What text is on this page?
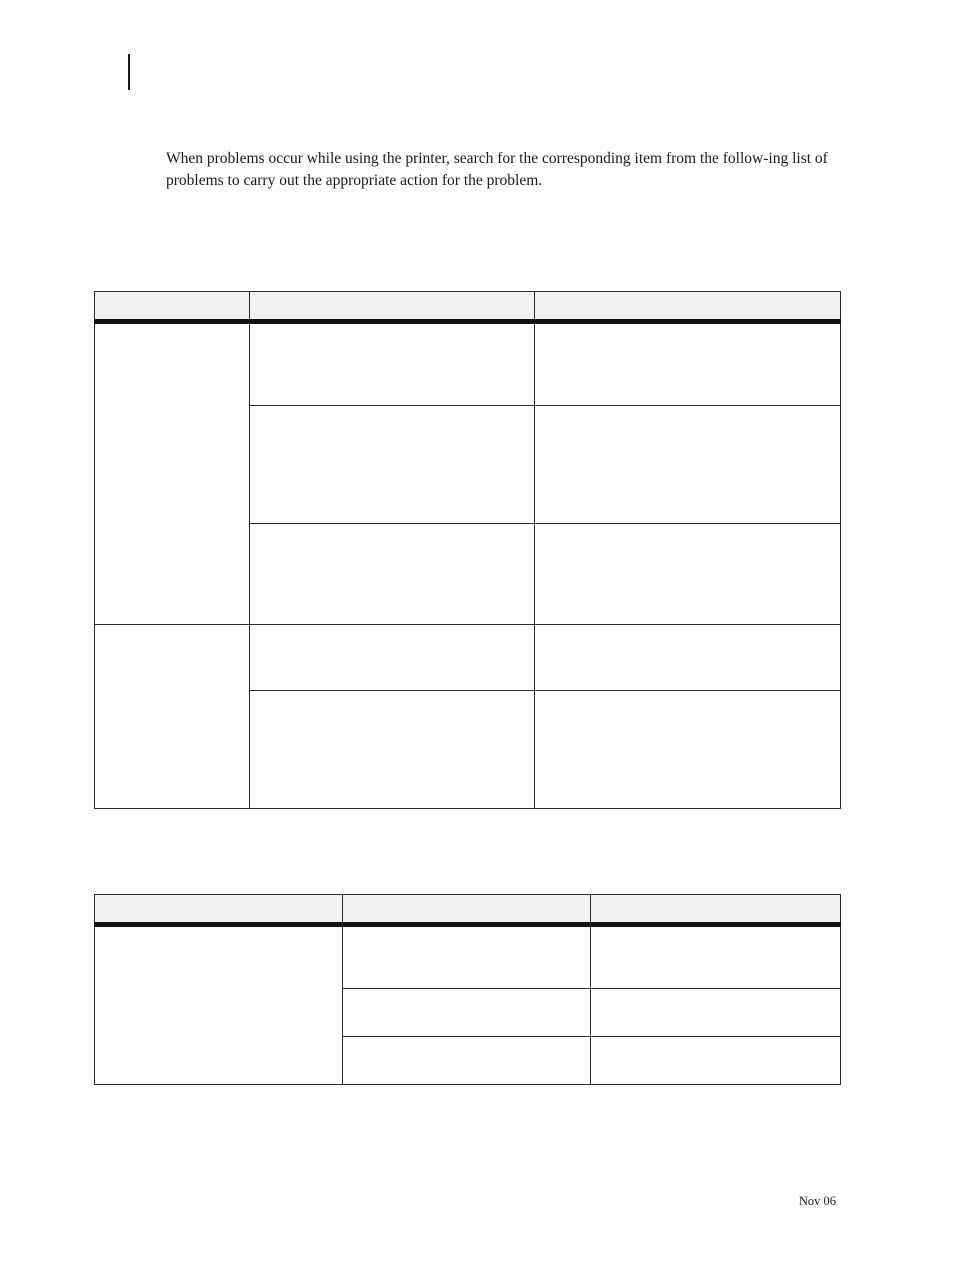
When problems occur while using the printer, search for the corresponding item from the follow-ing list of problems to carry out the appropriate action for the problem.

Nov 06
